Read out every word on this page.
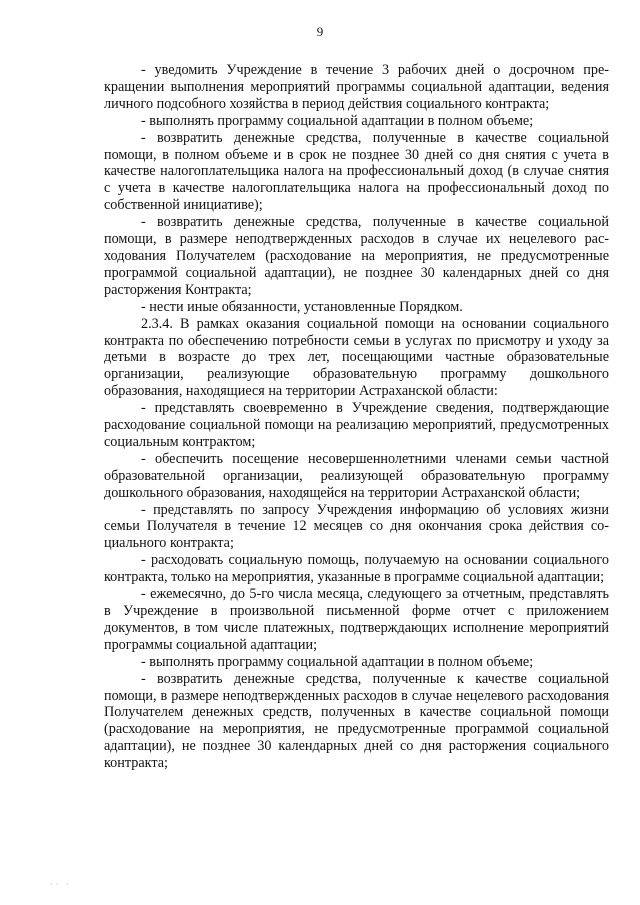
9

- уведомить Учреждение в течение 3 рабочих дней о досрочном прекращении выполнения мероприятий программы социальной адаптации, ведения личного подсобного хозяйства в период действия социального контракта;

- выполнять программу социальной адаптации в полном объеме;

- возвратить денежные средства, полученные в качестве социальной помощи, в полном объеме и в срок не позднее 30 дней со дня снятия с учета в качестве налогоплательщика налога на профессиональный доход (в случае снятия с учета в качестве налогоплательщика налога на профессиональный доход по собственной инициативе);

- возвратить денежные средства, полученные в качестве социальной помощи, в размере неподтвержденных расходов в случае их нецелевого расходования Получателем (расходование на мероприятия, не предусмотренные программой социальной адаптации), не позднее 30 календарных дней со дня расторжения Контракта;

- нести иные обязанности, установленные Порядком.

2.3.4. В рамках оказания социальной помощи на основании социального контракта по обеспечению потребности семьи в услугах по присмотру и уходу за детьми в возрасте до трех лет, посещающими частные образовательные организации, реализующие образовательную программу дошкольного образования, находящиеся на территории Астраханской области:

- представлять своевременно в Учреждение сведения, подтверждающие расходование социальной помощи на реализацию мероприятий, предусмотренных социальным контрактом;

- обеспечить посещение несовершеннолетними членами семьи частной образовательной организации, реализующей образовательную программу дошкольного образования, находящейся на территории Астраханской области;

- представлять по запросу Учреждения информацию об условиях жизни семьи Получателя в течение 12 месяцев со дня окончания срока действия социального контракта;

- расходовать социальную помощь, получаемую на основании социального контракта, только на мероприятия, указанные в программе социальной адаптации;

- ежемесячно, до 5-го числа месяца, следующего за отчетным, представлять в Учреждение в произвольной письменной форме отчет с приложением документов, в том числе платежных, подтверждающих исполнение мероприятий программы социальной адаптации;

- выполнять программу социальной адаптации в полном объеме;

- возвратить денежные средства, полученные к качестве социальной помощи, в размере неподтвержденных расходов в случае нецелевого расходования Получателем денежных средств, полученных в качестве социальной помощи (расходование на мероприятия, не предусмотренные программой социальной адаптации), не позднее 30 календарных дней со дня расторжения социального контракта;

·· ·
